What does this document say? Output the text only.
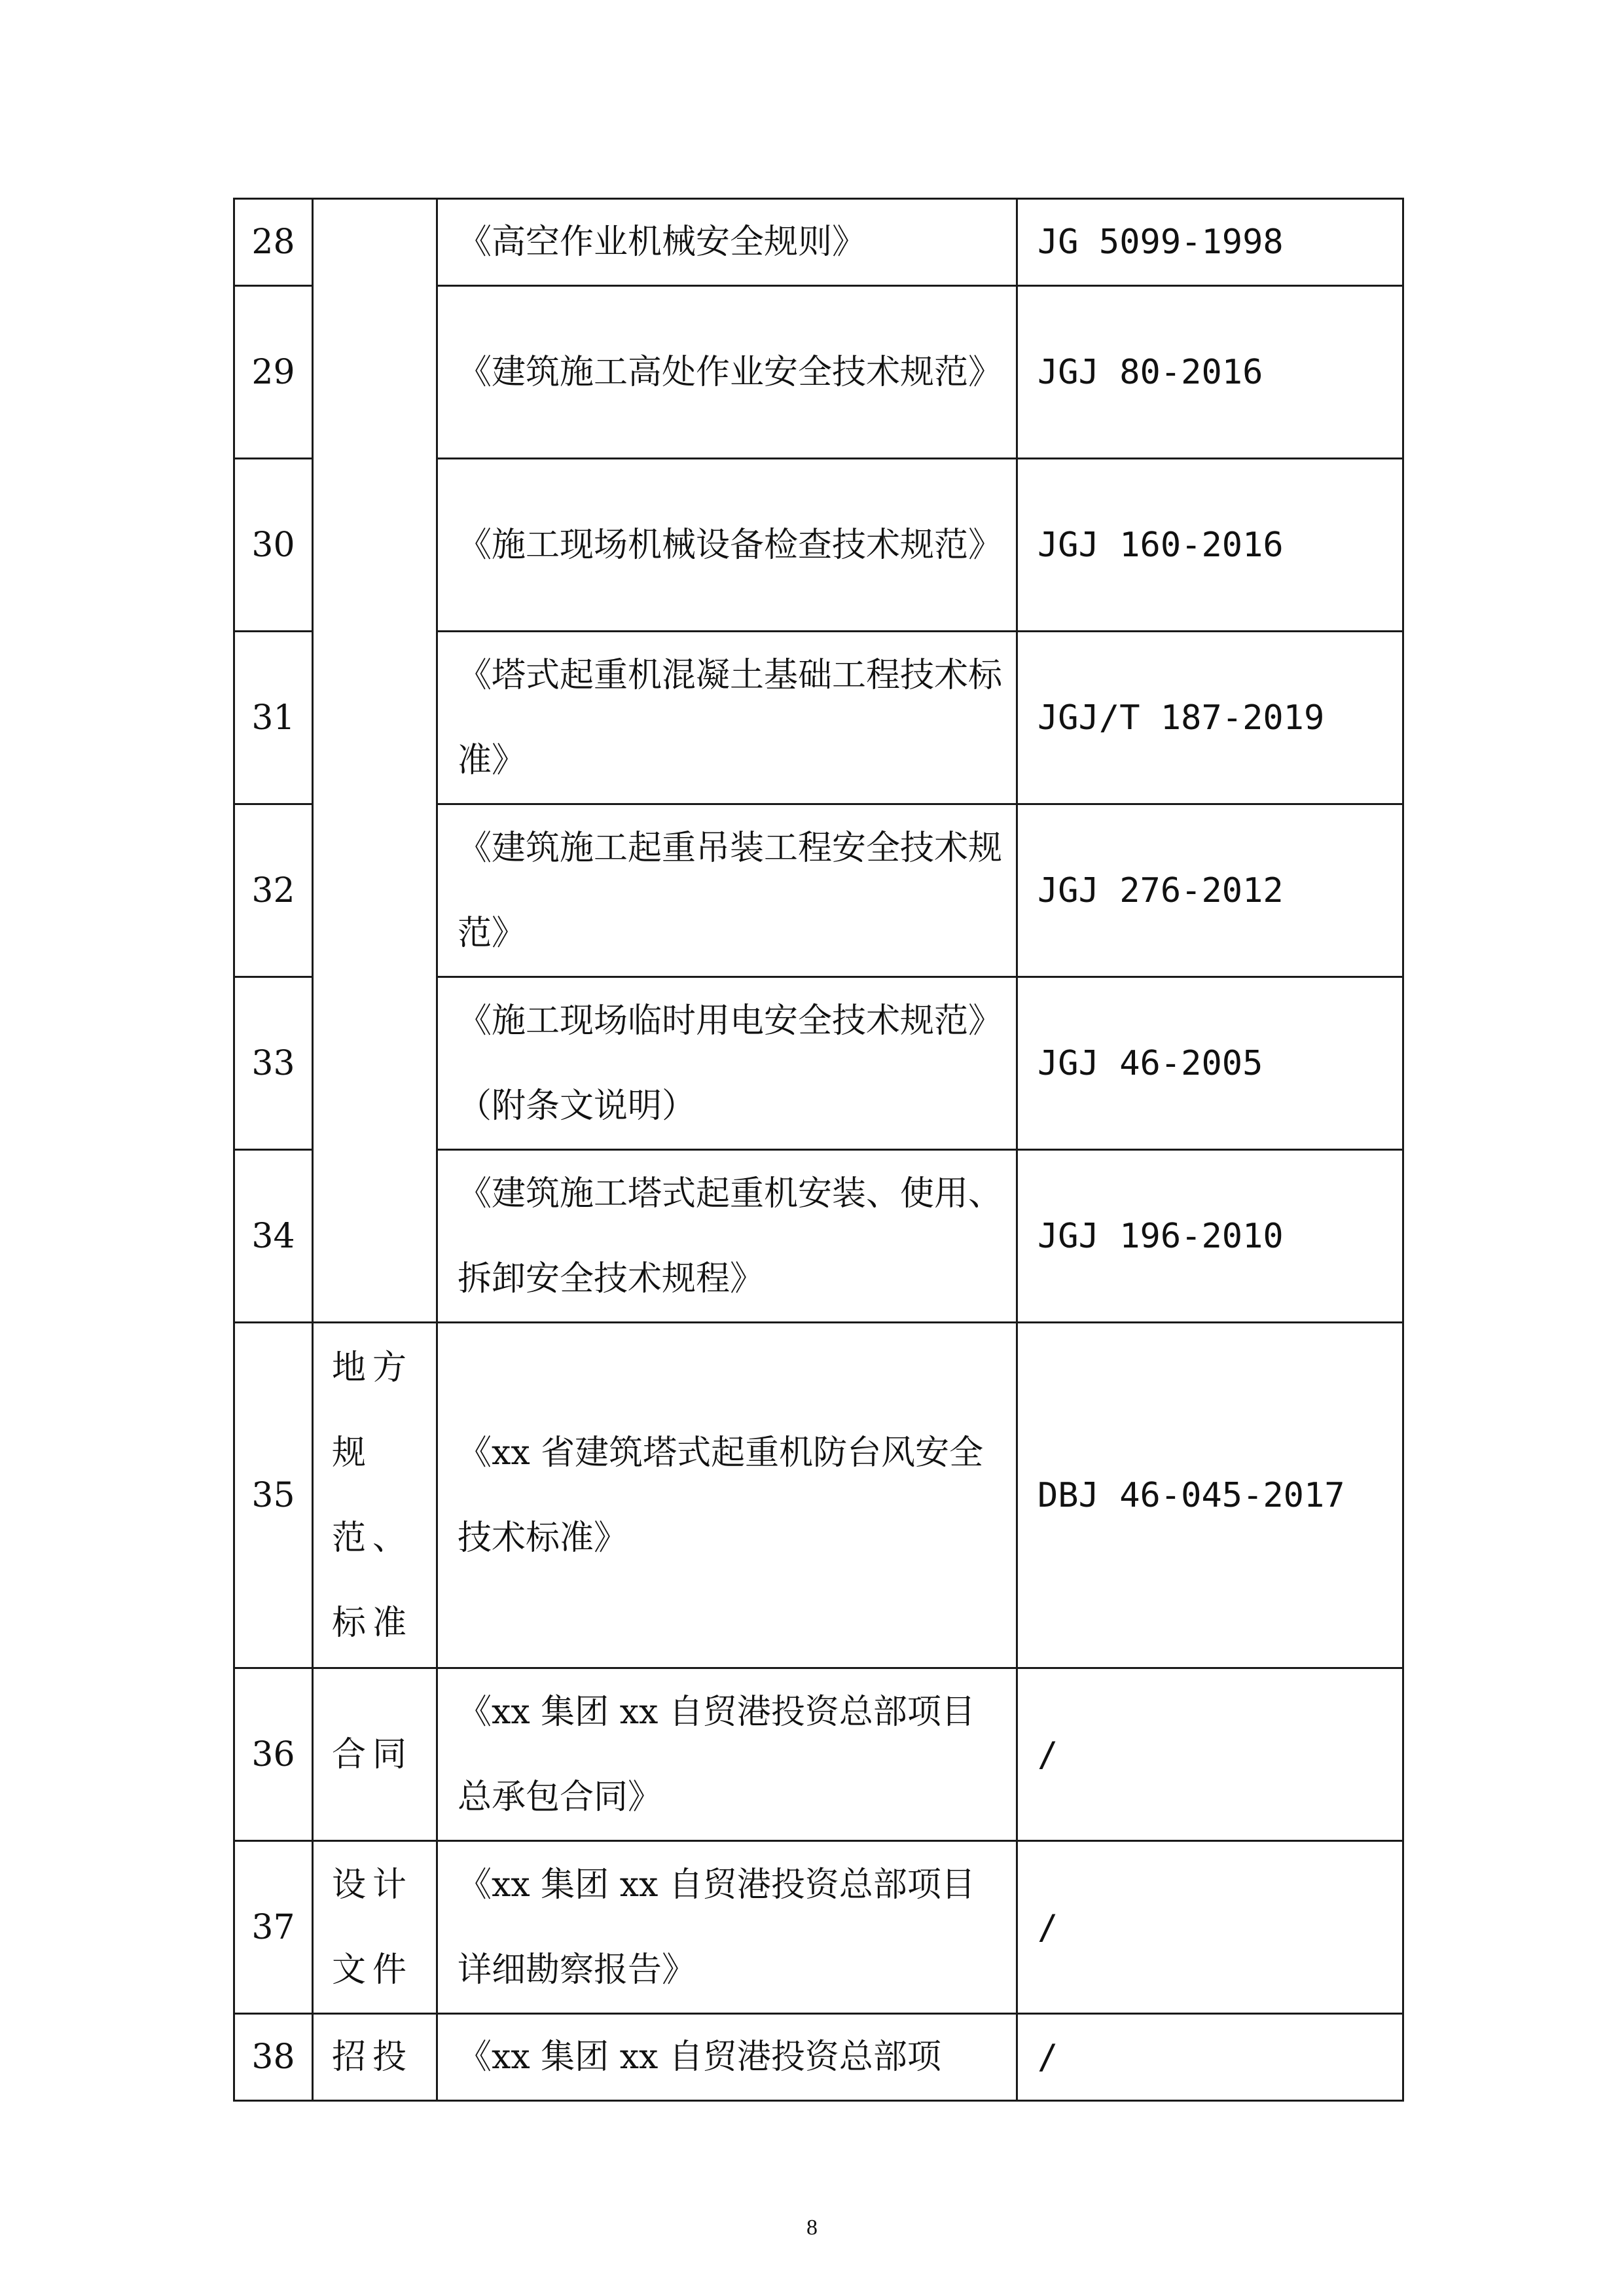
28		《高空作业机械安全规则》	JG 5099-1998
29		《建筑施工高处作业安全技术规范》	JGJ 80-2016
30		《施工现场机械设备检查技术规范》	JGJ 160-2016
31		《塔式起重机混凝土基础工程技术标准》	JGJ/T 187-2019
32		《建筑施工起重吊装工程安全技术规范》	JGJ 276-2012
33		《施工现场临时用电安全技术规范》（附条文说明）	JGJ 46-2005
34		《建筑施工塔式起重机安装、使用、拆卸安全技术规程》	JGJ 196-2010
35	地方规范、标准	《xx 省建筑塔式起重机防台风安全技术标准》	DBJ 46-045-2017
36	合同	《xx 集团 xx 自贸港投资总部项目总承包合同》	/
37	设计文件	《xx 集团 xx 自贸港投资总部项目详细勘察报告》	/
38	招投	《xx 集团 xx 自贸港投资总部项	/
8
